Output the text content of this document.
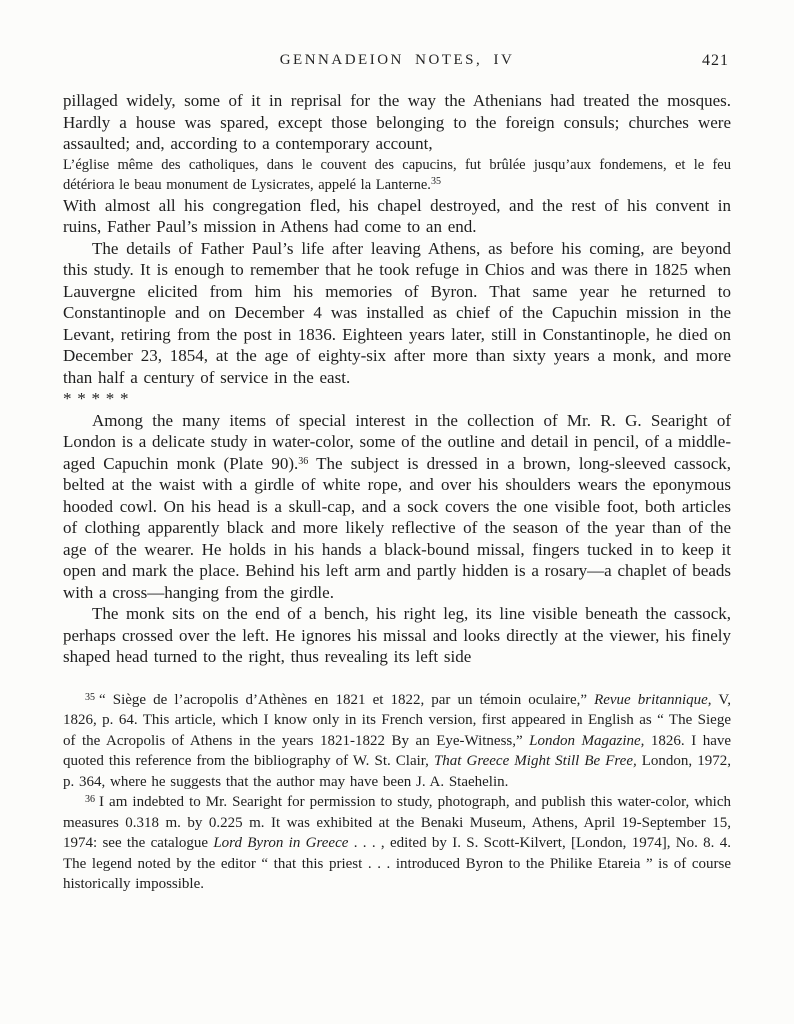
GENNADEION NOTES, IV	421

pillaged widely, some of it in reprisal for the way the Athenians had treated the mosques. Hardly a house was spared, except those belonging to the foreign consuls; churches were assaulted; and, according to a contemporary account,

L’église même des catholiques, dans le couvent des capucins, fut brûlée jusqu’aux fondemens, et le feu détériora le beau monument de Lysicrates, appelé la Lanterne.$^{35}$

With almost all his congregation fled, his chapel destroyed, and the rest of his convent in ruins, Father Paul’s mission in Athens had come to an end.

The details of Father Paul’s life after leaving Athens, as before his coming, are beyond this study. It is enough to remember that he took refuge in Chios and was there in 1825 when Lauvergne elicited from him his memories of Byron. That same year he returned to Constantinople and on December 4 was installed as chief of the Capuchin mission in the Levant, retiring from the post in 1836. Eighteen years later, still in Constantinople, he died on December 23, 1854, at the age of eighty-six after more than sixty years a monk, and more than half a century of service in the east.

* * * * *

Among the many items of special interest in the collection of Mr. R. G. Searight of London is a delicate study in water-color, some of the outline and detail in pencil, of a middle-aged Capuchin monk (Plate 90).$^{36}$ The subject is dressed in a brown, long-sleeved cassock, belted at the waist with a girdle of white rope, and over his shoulders wears the eponymous hooded cowl. On his head is a skull-cap, and a sock covers the one visible foot, both articles of clothing apparently black and more likely reflective of the season of the year than of the age of the wearer. He holds in his hands a black-bound missal, fingers tucked in to keep it open and mark the place. Behind his left arm and partly hidden is a rosary—a chaplet of beads with a cross—hanging from the girdle.

The monk sits on the end of a bench, his right leg, its line visible beneath the cassock, perhaps crossed over the left. He ignores his missal and looks directly at the viewer, his finely shaped head turned to the right, thus revealing its left side

$^{35}$ “ Siège de l’acropolis d’Athènes en 1821 et 1822, par un témoin oculaire,” Revue britannique, V, 1826, p. 64. This article, which I know only in its French version, first appeared in English as “ The Siege of the Acropolis of Athens in the years 1821-1822 By an Eye-Witness,” London Magazine, 1826. I have quoted this reference from the bibliography of W. St. Clair, That Greece Might Still Be Free, London, 1972, p. 364, where he suggests that the author may have been J. A. Staehelin.

$^{36}$ I am indebted to Mr. Searight for permission to study, photograph, and publish this water-color, which measures 0.318 m. by 0.225 m. It was exhibited at the Benaki Museum, Athens, April 19-September 15, 1974: see the catalogue Lord Byron in Greece . . . , edited by I. S. Scott-Kilvert, [London, 1974], No. 8. 4. The legend noted by the editor “ that this priest . . . introduced Byron to the Philike Etareia ” is of course historically impossible.
